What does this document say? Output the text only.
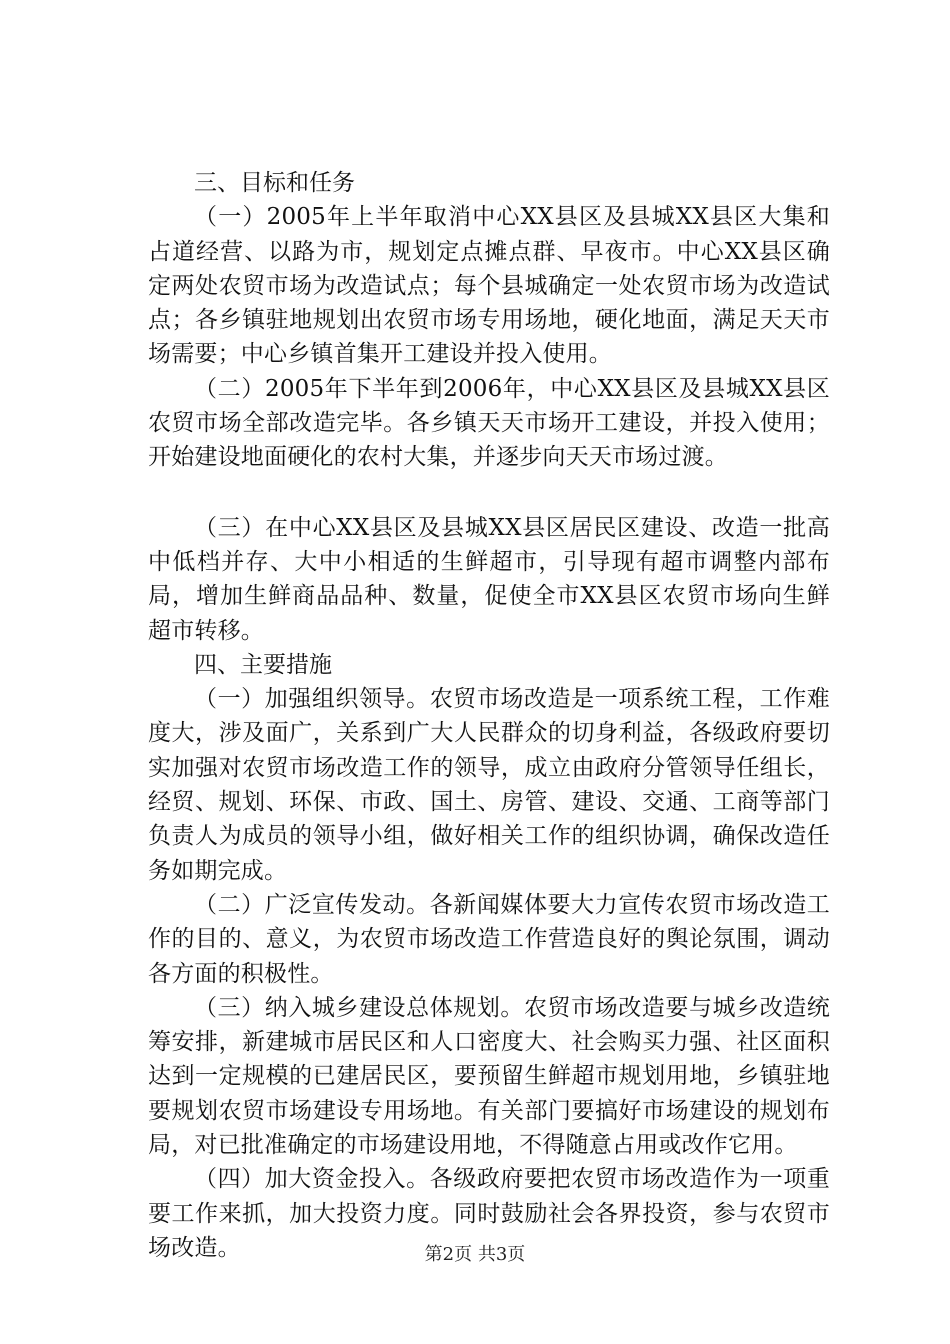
三、目标和任务

（一）2005年上半年取消中心XX县区及县城XX县区大集和占道经营、以路为市，规划定点摊点群、早夜市。中心XX县区确定两处农贸市场为改造试点；每个县城确定一处农贸市场为改造试点；各乡镇驻地规划出农贸市场专用场地，硬化地面，满足天天市场需要；中心乡镇首集开工建设并投入使用。

（二）2005年下半年到2006年，中心XX县区及县城XX县区农贸市场全部改造完毕。各乡镇天天市场开工建设，并投入使用；开始建设地面硬化的农村大集，并逐步向天天市场过渡。

（三）在中心XX县区及县城XX县区居民区建设、改造一批高中低档并存、大中小相适的生鲜超市，引导现有超市调整内部布局，增加生鲜商品品种、数量，促使全市XX县区农贸市场向生鲜超市转移。

四、主要措施

（一）加强组织领导。农贸市场改造是一项系统工程，工作难度大，涉及面广，关系到广大人民群众的切身利益，各级政府要切实加强对农贸市场改造工作的领导，成立由政府分管领导任组长，经贸、规划、环保、市政、国土、房管、建设、交通、工商等部门负责人为成员的领导小组，做好相关工作的组织协调，确保改造任务如期完成。

（二）广泛宣传发动。各新闻媒体要大力宣传农贸市场改造工作的目的、意义，为农贸市场改造工作营造良好的舆论氛围，调动各方面的积极性。

（三）纳入城乡建设总体规划。农贸市场改造要与城乡改造统筹安排，新建城市居民区和人口密度大、社会购买力强、社区面积达到一定规模的已建居民区，要预留生鲜超市规划用地，乡镇驻地要规划农贸市场建设专用场地。有关部门要搞好市场建设的规划布局，对已批准确定的市场建设用地，不得随意占用或改作它用。

（四）加大资金投入。各级政府要把农贸市场改造作为一项重要工作来抓，加大投资力度。同时鼓励社会各界投资，参与农贸市场改造。	第2页 共3页
